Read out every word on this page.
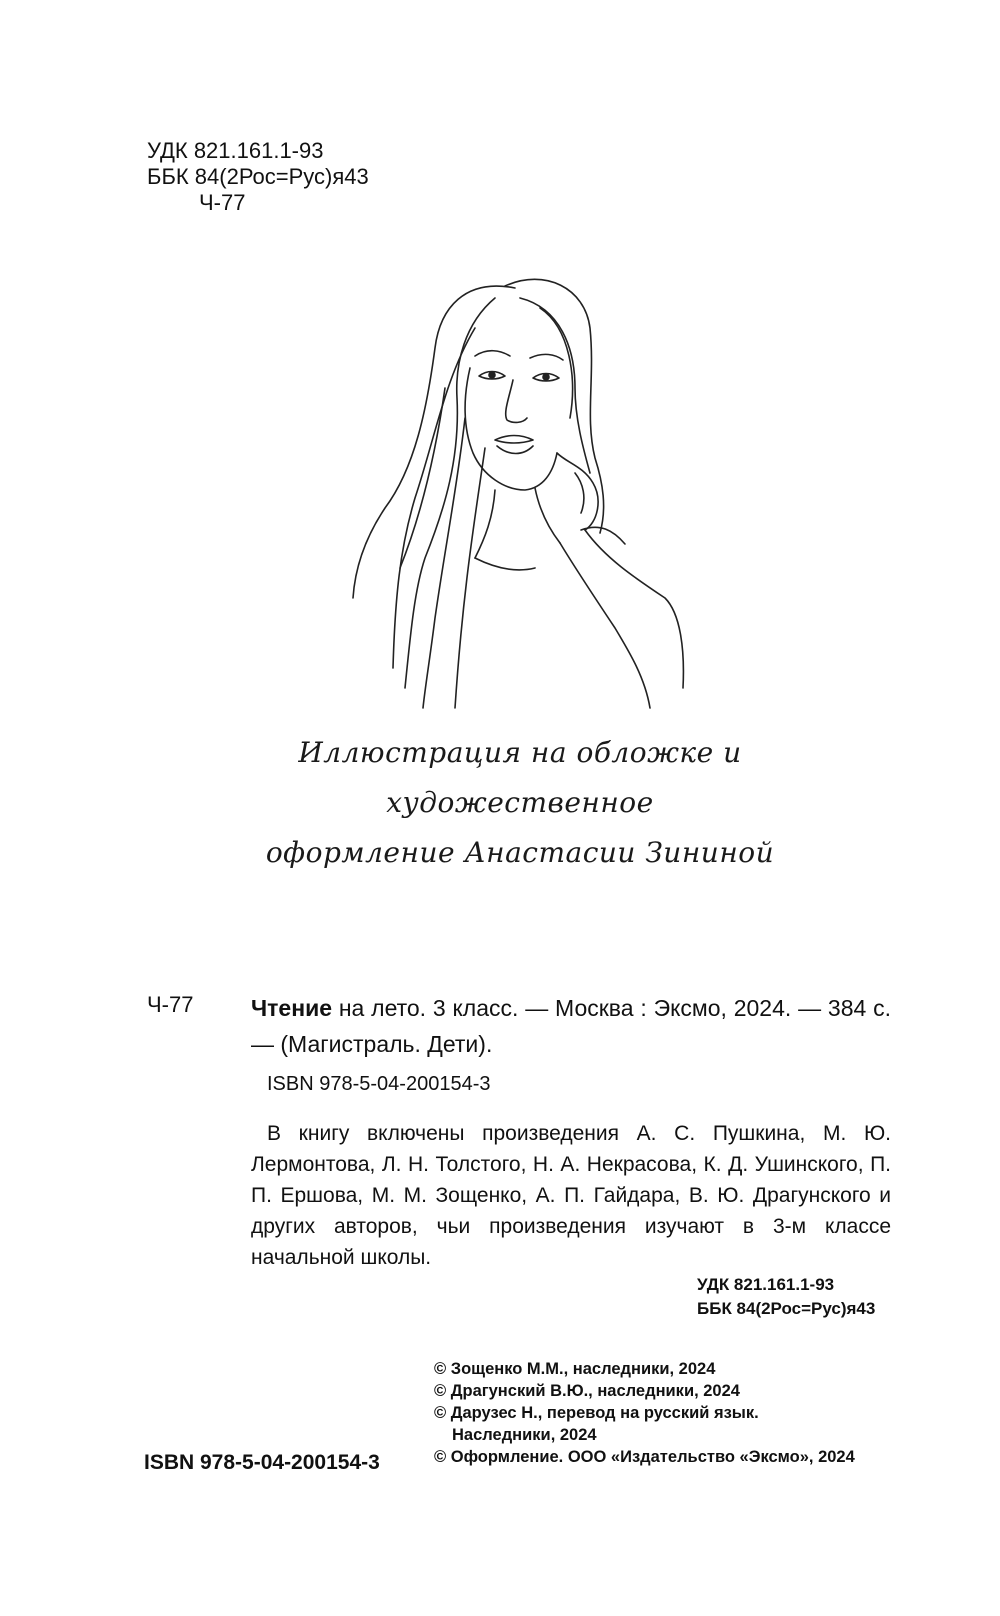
УДК 821.161.1-93
ББК 84(2Рос=Рус)я43
Ч-77
Иллюстрация на обложке и художественное
оформление Анастасии Зининой
Ч-77	Чтение на лето. 3 класс. — Москва : Эксмо, 2024. — 384 с. — (Магистраль. Дети).
ISBN 978-5-04-200154-3
В книгу включены произведения А. С. Пушкина, М. Ю. Лермонтова, Л. Н. Толстого, Н. А. Некрасова, К. Д. Ушинского, П. П. Ершова, М. М. Зощенко, А. П. Гайдара, В. Ю. Драгунского и других авторов, чьи произведения изучают в 3-м классе начальной школы.
УДК 821.161.1-93
ББК 84(2Рос=Рус)я43
ISBN 978-5-04-200154-3
© Зощенко М.М., наследники, 2024
© Драгунский В.Ю., наследники, 2024
© Дарузес Н., перевод на русский язык.
Наследники, 2024
© Оформление. ООО «Издательство «Эксмо», 2024
